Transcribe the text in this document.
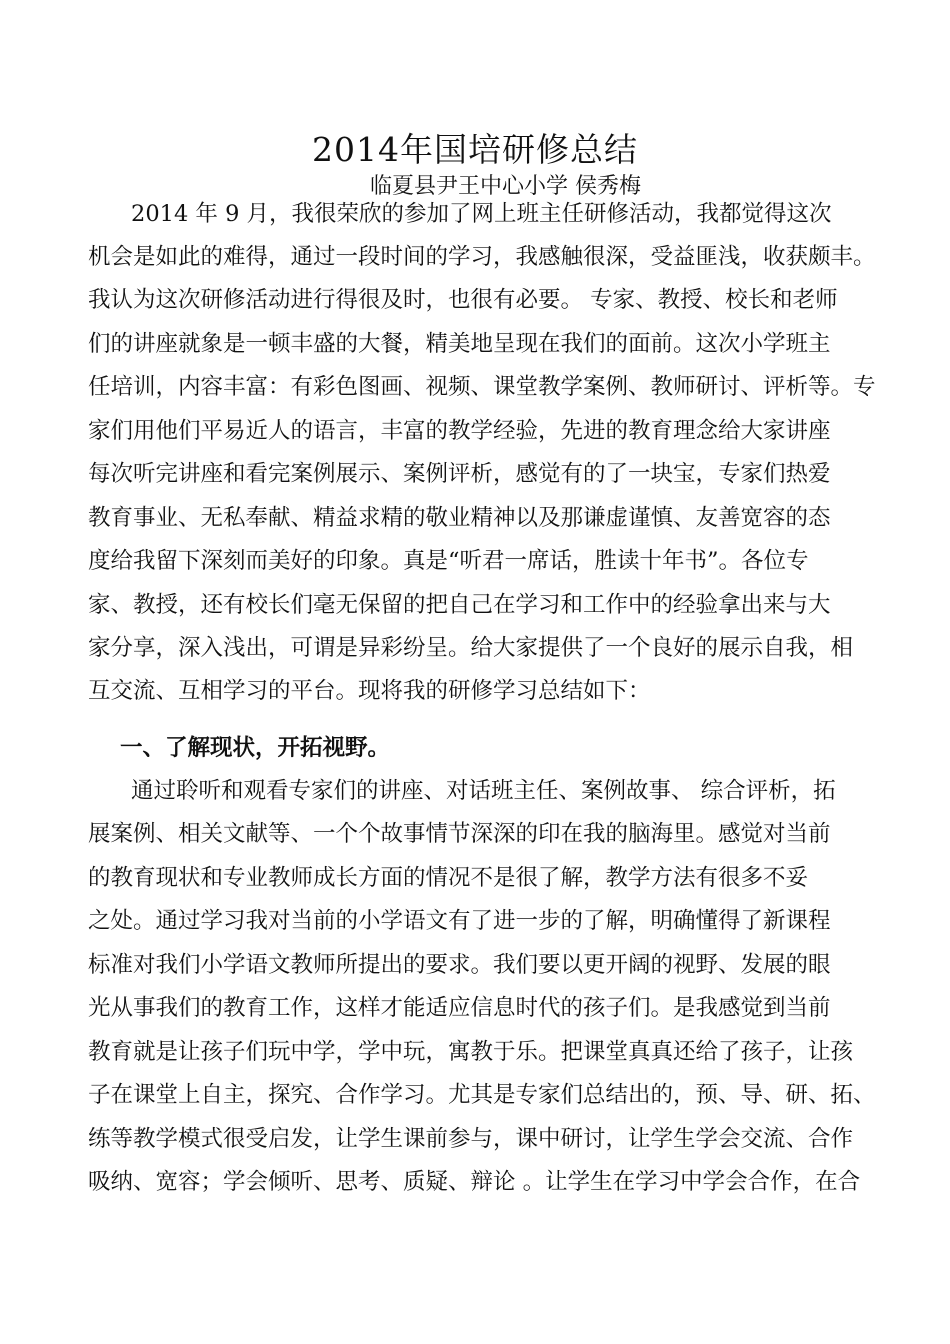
2014年国培研修总结
临夏县尹王中心小学 侯秀梅
2014 年 9 月，我很荣欣的参加了网上班主任研修活动，我都觉得这次
机会是如此的难得，通过一段时间的学习，我感触很深，受益匪浅，收获颇丰。
我认为这次研修活动进行得很及时，也很有必要。 专家、教授、校长和老师
们的讲座就象是一顿丰盛的大餐，精美地呈现在我们的面前。这次小学班主
任培训，内容丰富：有彩色图画、视频、课堂教学案例、教师研讨、评析等。专
家们用他们平易近人的语言，丰富的教学经验，先进的教育理念给大家讲座
每次听完讲座和看完案例展示、案例评析，感觉有的了一块宝，专家们热爱
教育事业、无私奉献、精益求精的敬业精神以及那谦虚谨慎、友善宽容的态
度给我留下深刻而美好的印象。真是“听君一席话，胜读十年书”。各位专
家、教授，还有校长们毫无保留的把自己在学习和工作中的经验拿出来与大
家分享，深入浅出，可谓是异彩纷呈。给大家提供了一个良好的展示自我，相
互交流、互相学习的平台。现将我的研修学习总结如下：
一、了解现状，开拓视野。
通过聆听和观看专家们的讲座、对话班主任、案例故事、 综合评析，拓
展案例、相关文献等、一个个故事情节深深的印在我的脑海里。感觉对当前
的教育现状和专业教师成长方面的情况不是很了解，教学方法有很多不妥
之处。通过学习我对当前的小学语文有了进一步的了解，明确懂得了新课程
标准对我们小学语文教师所提出的要求。我们要以更开阔的视野、发展的眼
光从事我们的教育工作，这样才能适应信息时代的孩子们。是我感觉到当前
教育就是让孩子们玩中学，学中玩，寓教于乐。把课堂真真还给了孩子，让孩
子在课堂上自主，探究、合作学习。尤其是专家们总结出的，预、导、研、拓、
练等教学模式很受启发，让学生课前参与，课中研讨，让学生学会交流、合作
吸纳、宽容；学会倾听、思考、质疑、辩论 。让学生在学习中学会合作，在合
